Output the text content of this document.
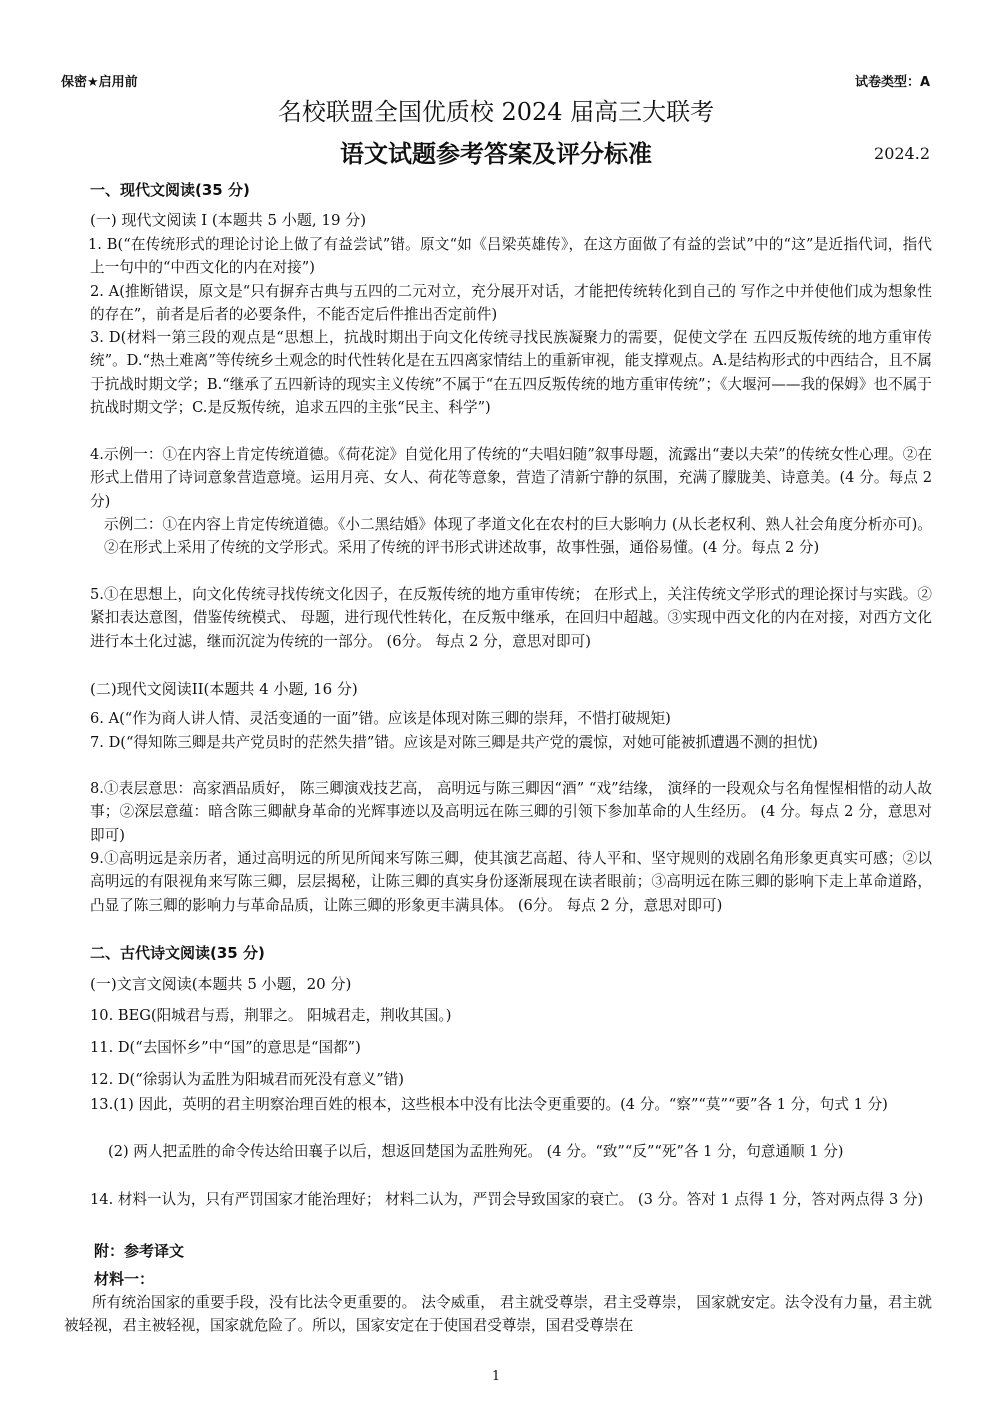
保密★启用前	试卷类型：A
名校联盟全国优质校 2024 届高三大联考
语文试题参考答案及评分标准	2024.2
一、现代文阅读(35 分)
(一) 现代文阅读 I (本题共 5 小题, 19 分)
1. B(“在传统形式的理论讨论上做了有益尝试”错。原文“如《吕梁英雄传》，在这方面做了有益的尝试”中的“这”是近指代词，指代上一句中的“中西文化的内在对接”)
2. A(推断错误，原文是“只有摒弃古典与五四的二元对立，充分展开对话，才能把传统转化到自己的 写作之中并使他们成为想象性的存在”，前者是后者的必要条件，不能否定后件推出否定前件)
3. D(材料一第三段的观点是“思想上，抗战时期出于向文化传统寻找民族凝聚力的需要，促使文学在 五四反叛传统的地方重审传统”。D.“热土难离”等传统乡土观念的时代性转化是在五四离家情结上的重新审视，能支撑观点。A.是结构形式的中西结合，且不属于抗战时期文学；B.“继承了五四新诗的现实主义传统”不属于“在五四反叛传统的地方重审传统”；《大堰河——我的保姆》也不属于抗战时期文学；C.是反叛传统，追求五四的主张“民主、科学”)
4.示例一：①在内容上肯定传统道德。《荷花淀》自觉化用了传统的“夫唱妇随”叙事母题，流露出“妻以夫荣”的传统女性心理。②在形式上借用了诗词意象营造意境。运用月亮、女人、荷花等意象，营造了清新宁静的氛围，充满了朦胧美、诗意美。(4 分。每点 2 分)
示例二：①在内容上肯定传统道德。《小二黑结婚》体现了孝道文化在农村的巨大影响力 (从长老权利、熟人社会角度分析亦可)。②在形式上采用了传统的文学形式。采用了传统的评书形式讲述故事，故事性强，通俗易懂。(4 分。每点 2 分)
5.①在思想上，向文化传统寻找传统文化因子，在反叛传统的地方重审传统； 在形式上，关注传统文学形式的理论探讨与实践。②紧扣表达意图，借鉴传统模式、 母题，进行现代性转化，在反叛中继承，在回归中超越。③实现中西文化的内在对接，对西方文化进行本土化过滤，继而沉淀为传统的一部分。 (6分。 每点 2 分，意思对即可)
(二)现代文阅读II(本题共 4 小题, 16 分)
6. A(“作为商人讲人情、灵活变通的一面”错。应该是体现对陈三卿的崇拜，不惜打破规矩)
7. D(“得知陈三卿是共产党员时的茫然失措”错。应该是对陈三卿是共产党的震惊，对她可能被抓遭遇不测的担忧)
8.①表层意思：高家酒品质好， 陈三卿演戏技艺高， 高明远与陈三卿因“酒” “戏”结缘， 演绎的一段观众与名角惺惺相惜的动人故事；②深层意蕴：暗含陈三卿献身革命的光辉事迹以及高明远在陈三卿的引领下参加革命的人生经历。 (4 分。每点 2 分，意思对即可)
9.①高明远是亲历者，通过高明远的所见所闻来写陈三卿，使其演艺高超、待人平和、坚守规则的戏剧名角形象更真实可感；②以高明远的有限视角来写陈三卿，层层揭秘，让陈三卿的真实身份逐渐展现在读者眼前；③高明远在陈三卿的影响下走上革命道路，凸显了陈三卿的影响力与革命品质，让陈三卿的形象更丰满具体。 (6分。 每点 2 分，意思对即可)
二、古代诗文阅读(35 分)
(一)文言文阅读(本题共 5 小题，20 分)
10. BEG(阳城君与焉，荆罪之。 阳城君走，荆收其国。)
11. D(“去国怀乡”中“国”的意思是“国都”)
12. D(“徐弱认为孟胜为阳城君而死没有意义”错)
13.(1) 因此，英明的君主明察治理百姓的根本，这些根本中没有比法令更重要的。(4 分。“察”“莫”“要”各 1 分，句式 1 分)
(2) 两人把孟胜的命令传达给田襄子以后，想返回楚国为孟胜殉死。 (4 分。“致”“反”“死”各 1 分，句意通顺 1 分)
14. 材料一认为，只有严罚国家才能治理好； 材料二认为，严罚会导致国家的衰亡。 (3 分。答对 1 点得 1 分，答对两点得 3 分)
附：参考译文
材料一：
所有统治国家的重要手段，没有比法令更重要的。 法令威重， 君主就受尊崇，君主受尊崇， 国家就安定。法令没有力量，君主就被轻视，君主被轻视，国家就危险了。所以，国家安定在于使国君受尊崇，国君受尊崇在
1
